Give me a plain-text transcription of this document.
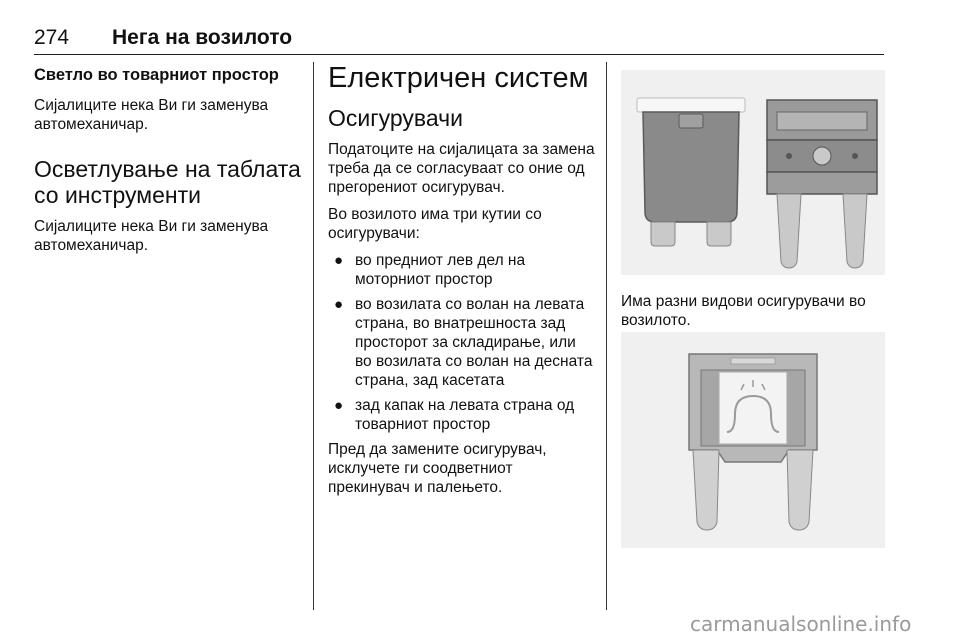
274 Нега на возилото
Светло во товарниот простор

Сијалиците нека Ви ги заменува автомеханичар.

Осветлување на таблата со инструменти

Сијалиците нека Ви ги заменува автомеханичар.

Електричен систем
Осигурувачи

Податоците на сијалицата за замена треба да се согласуваат со оние од прегорениот осигурувач.

Во возилото има три кутии со осигурувачи:

● во предниот лев дел на моторниот простор
● во возилата со волан на левата страна, во внатрешноста зад просторот за складирање, или во возилата со волан на десната страна, зад касетата
● зад капак на левата страна од товарниот простор

Пред да замените осигурувач, исклучете ги соодветниот прекинувач и палењето.

Има разни видови осигурувачи во возилото.
carmanualsonline.info
